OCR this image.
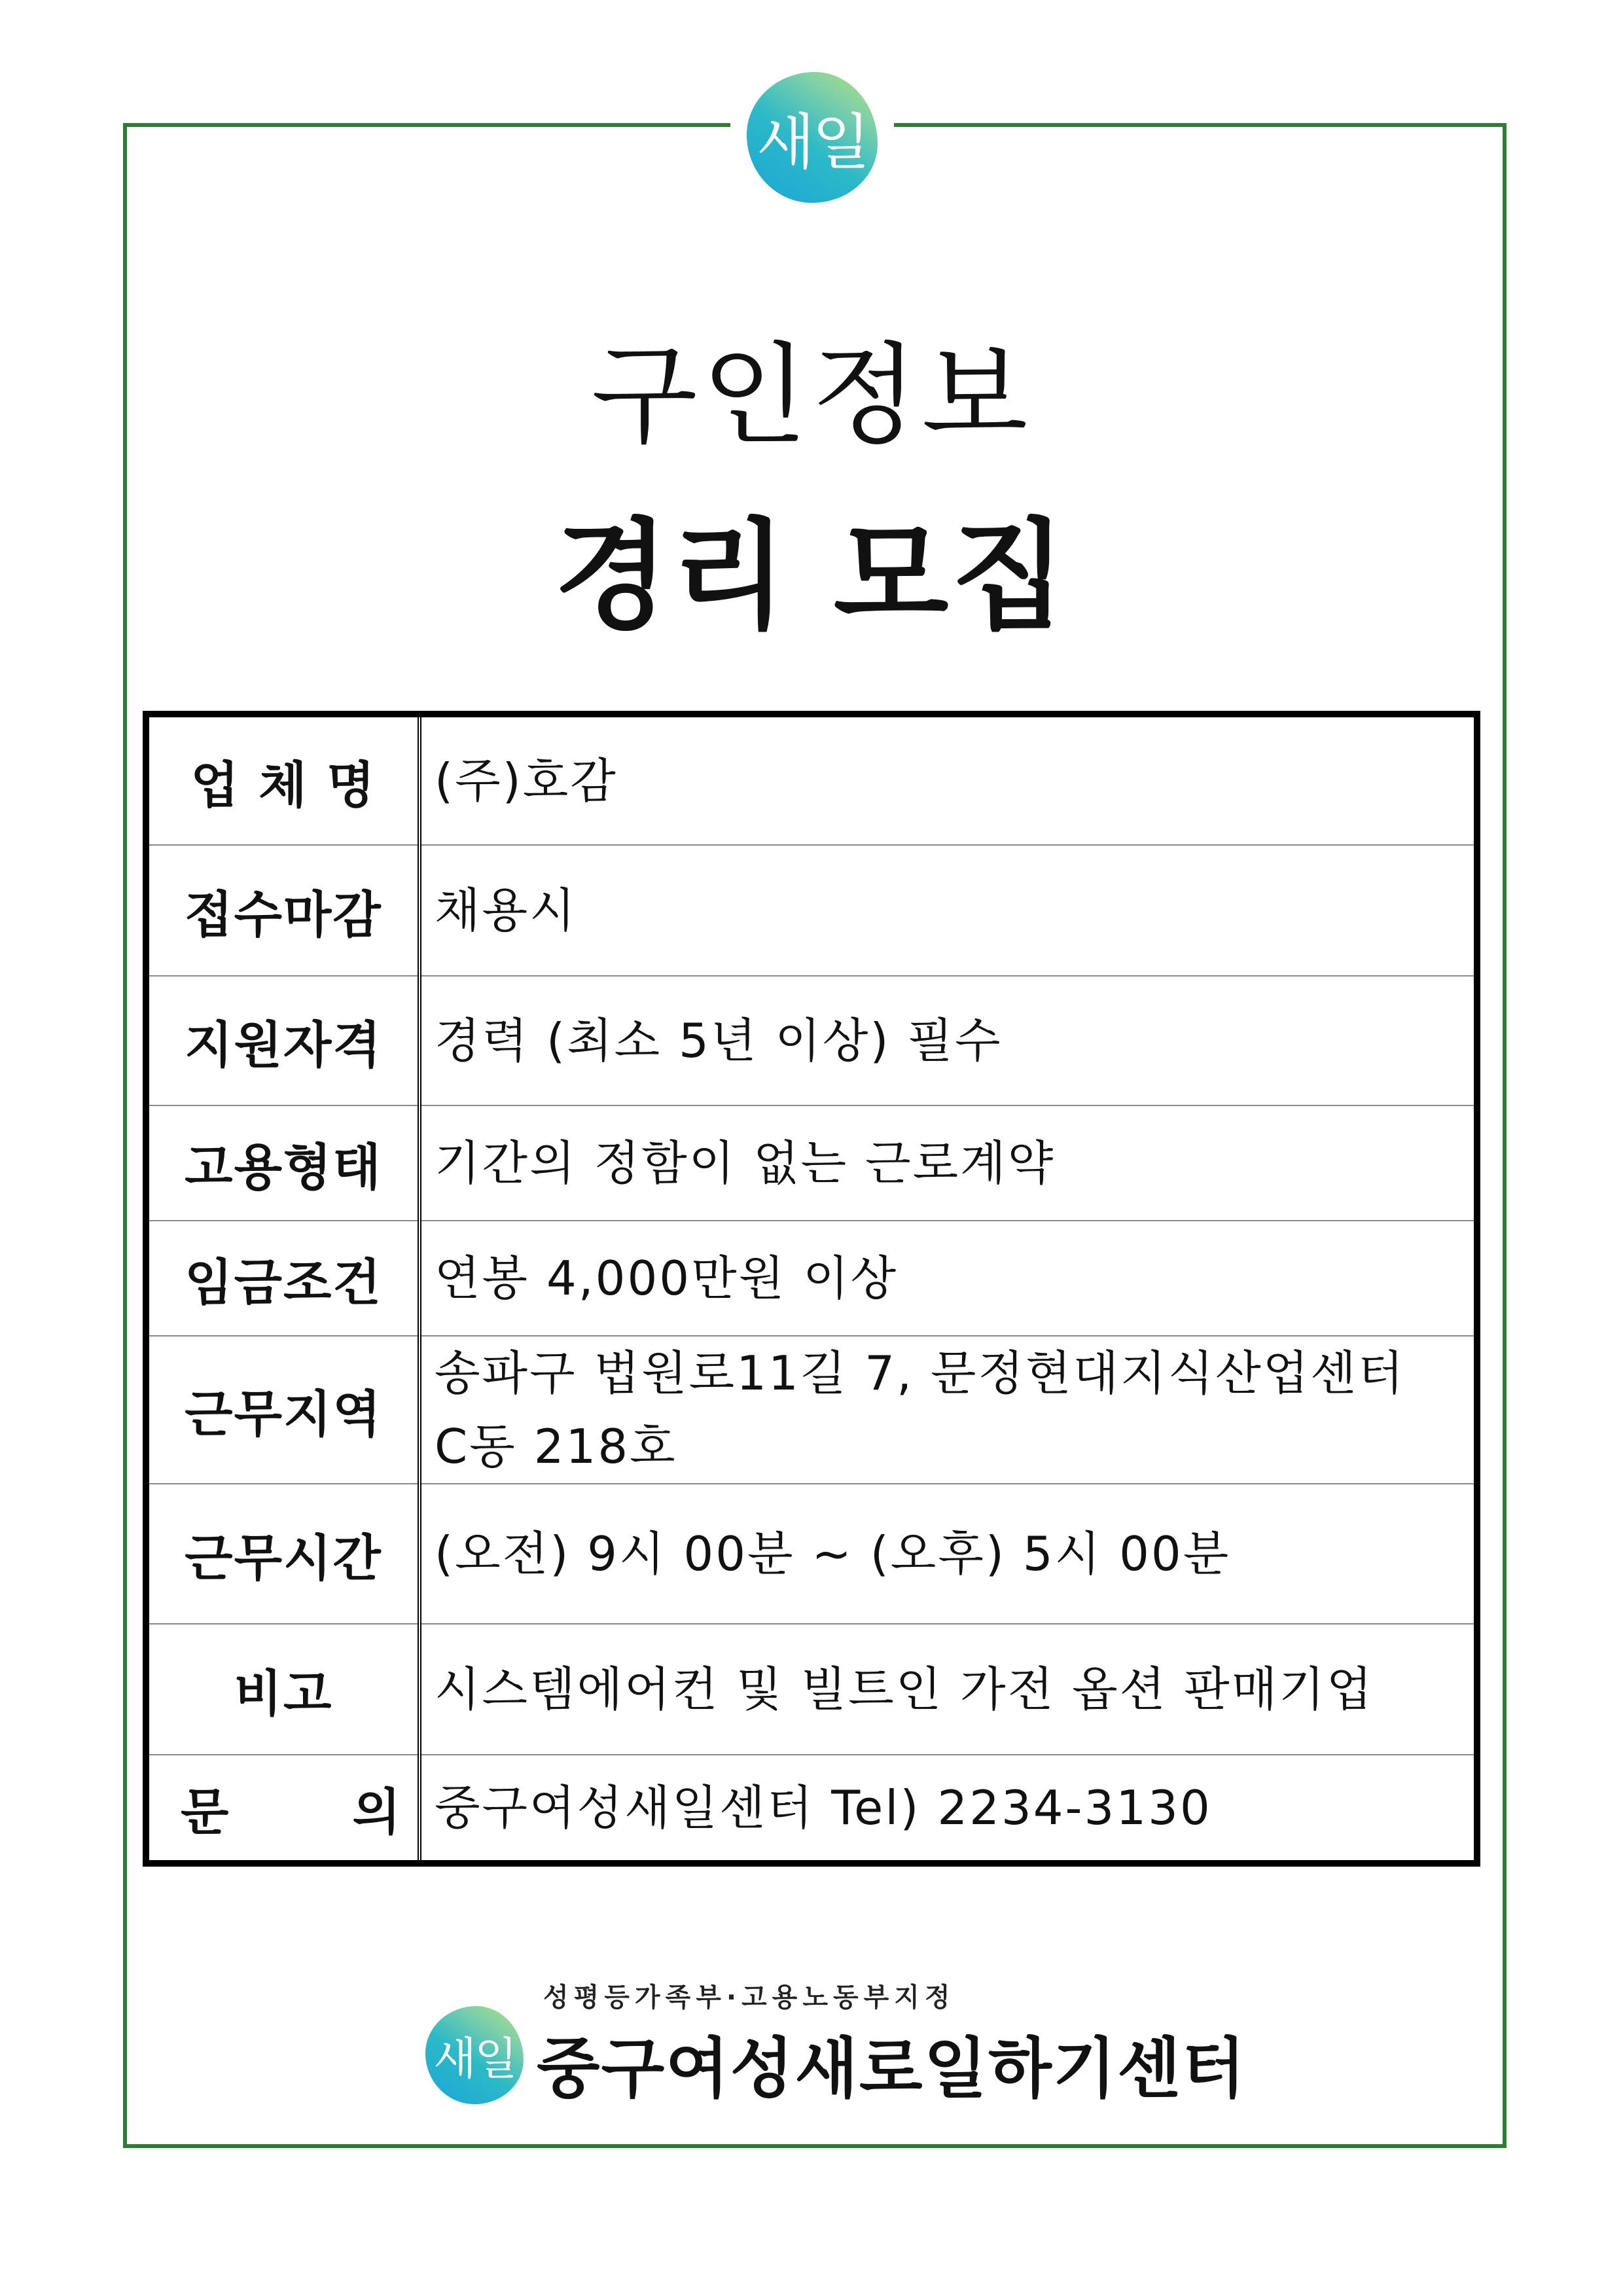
새일
구인정보
경리 모집
업 체 명	(주)호감
접수마감	채용시
지원자격	경력 (최소 5년 이상) 필수
고용형태	기간의 정함이 없는 근로계약
임금조건	연봉 4,000만원 이상
근무지역	송파구 법원로11길 7, 문정현대지식산업센터
C동 218호

근무시간	(오전) 9시 00분 ~ (오후) 5시 00분
비고	시스템에어컨 및 빌트인 가전 옵션 판매기업

문 의	중구여성새일센터 Tel) 2234-3130
성평등가족부·고용노동부지정
새일 중구여성새로일하기센터
